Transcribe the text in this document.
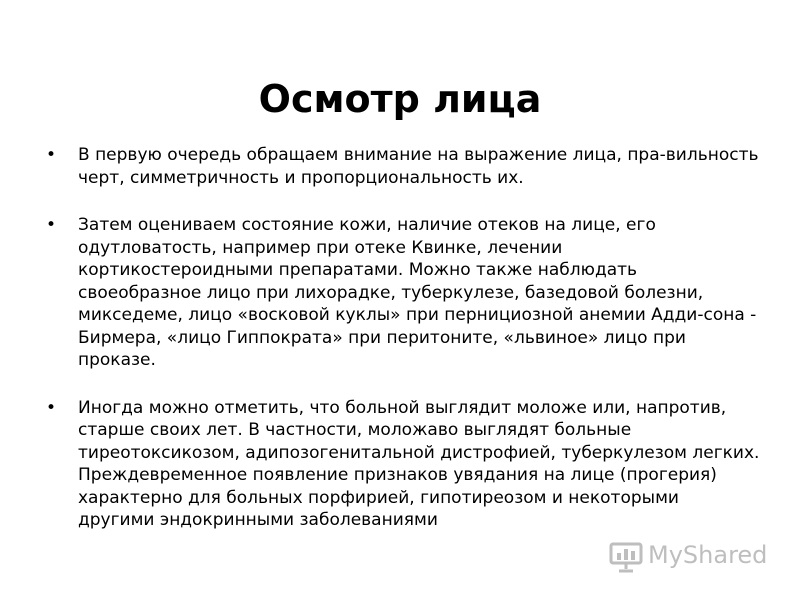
Осмотр лица
• В первую очередь обращаем внимание на выражение лица, пра-вильность черт, симметричность и пропорциональность их.
• Затем оцениваем состояние кожи, наличие отеков на лице, его одутловатость, например при отеке Квинке, лечении кортикостероидными препаратами. Можно также наблюдать своеобразное лицо при лихорадке, туберкулезе, базедовой болезни, микседеме, лицо «восковой куклы» при пернициозной анемии Адди-сона - Бирмера, «лицо Гиппократа» при перитоните, «львиное» лицо при проказе.
• Иногда можно отметить, что больной выглядит моложе или, напротив, старше своих лет. В частности, моложаво выглядят больные тиреотоксикозом, адипозогенитальной дистрофией, туберкулезом легких. Преждевременное появление признаков увядания на лице (прогерия) характерно для больных порфирией, гипотиреозом и некоторыми другими эндокринными заболеваниями
MyShared
